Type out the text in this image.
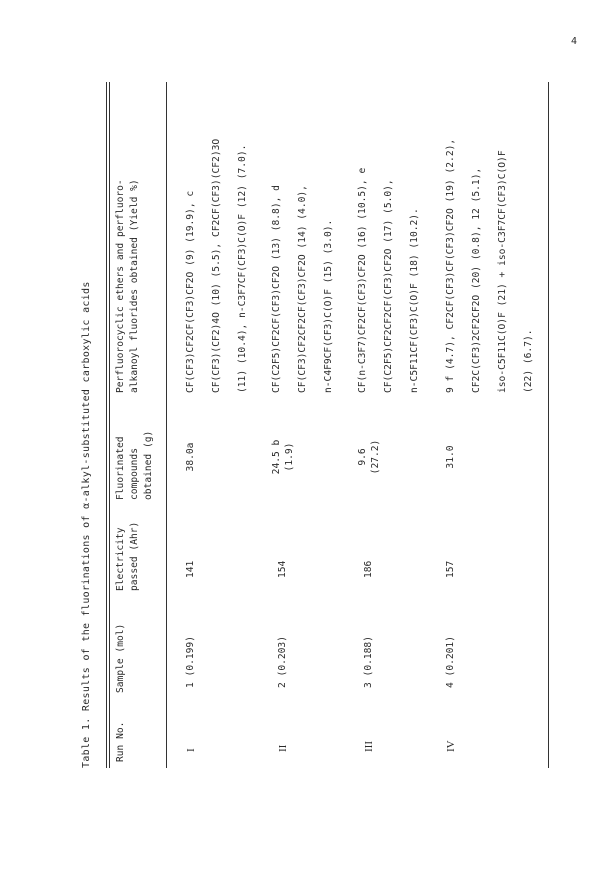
4
Table 1. Results of the fluorinations of α-alkyl-substituted carboxylic acids Run No.
Sample (mol)
Electricity passed (Ahr)
Fluorinated compounds obtained (g)
Perfluorocyclic ethers and perfluoro- alkanoyl fluorides obtained (Yield %)
I
1 (0.199)
141
38.0a
CF(CF3)CF2CF(CF3)CF2O (9) (19.9), c CF(CF3)(CF2)4O (10) (5.5), CF2CF(CF3)(CF2)3O (11) (10.4), n-C3F7CF(CF3)C(O)F (12) (7.0).
II
2 (0.203)
154
24.5 b (1.9)
CF(C2F5)CF2CF(CF3)CF2O (13) (8.8), d CF(CF3)CF2CF2CF(CF3)CF2O (14) (4.0), n-C4F9CF(CF3)C(O)F (15) (3.0).
III
3 (0.188)
186
9.6 (27.2)
CF(n-C3F7)CF2CF(CF3)CF2O (16) (10.5), e CF(C2F5)CF2CF2CF(CF3)CF2O (17) (5.0), n-C5F11CF(CF3)C(O)F (18) (10.2).
IV
4 (0.201)
157
31.0
9 f (4.7), CF2CF(CF3)CF(CF3)CF2O (19) (2.2), CF2C(CF3)2CF2CF2O (20) (0.8), 12 (5.1), iso-C5F11C(O)F (21) + iso-C3F7CF(CF3)C(O)F (22) (6.7).
